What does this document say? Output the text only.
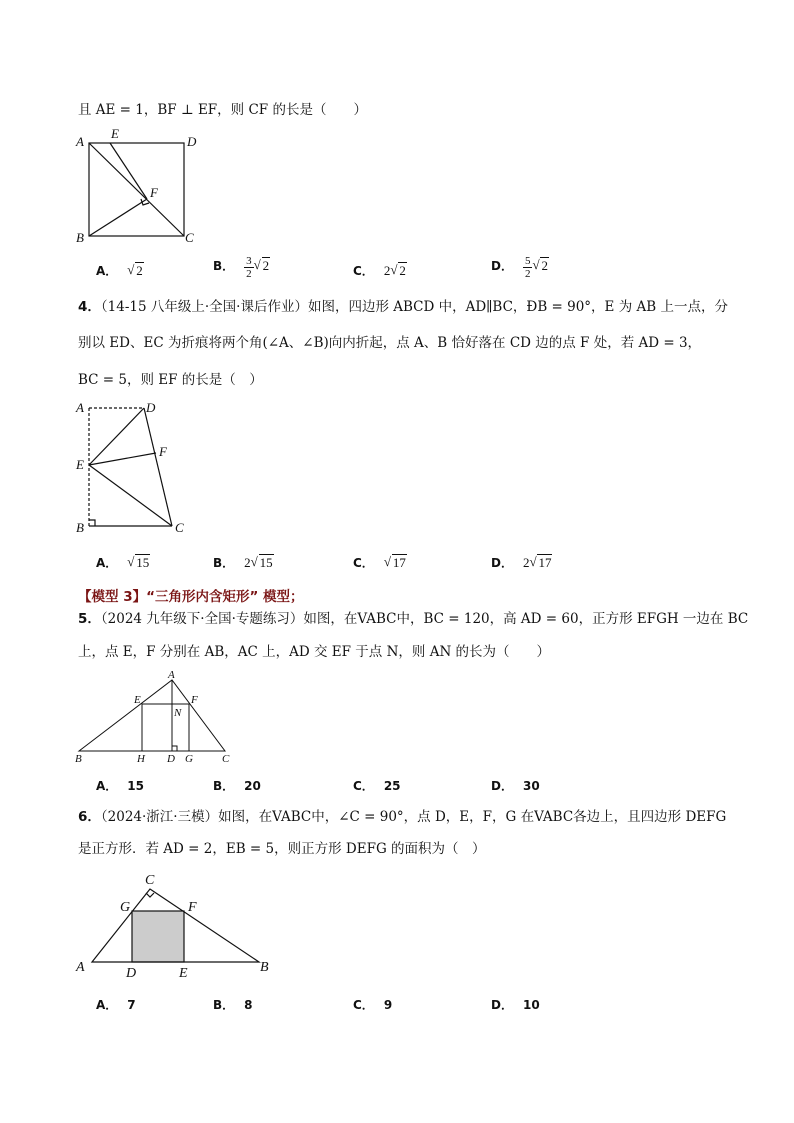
且 AE = 1，BF ⊥ EF，则 CF 的长是（　　）
A
E
D
F
B	C
A． √ 2	B． $\frac{3}{2}$ √ 2	C． 2 √ 2	D． $\frac{5}{2}$ √ 2
4．（14-15 八年级上·全国·课后作业）如图，四边形 ABCD 中，AD∥BC，ÐB = 90°，E 为 AB 上一点，分
别以 ED、EC 为折痕将两个角(∠A、∠B)向内折起，点 A、B 恰好落在 CD 边的点 F 处，若 AD = 3，
BC = 5，则 EF 的长是（　）
A	D
F
E
B	C
A． √ 15	B． 2 √ 15	C． √ 17	D． 2 √ 17
【模型 3】“三角形内含矩形” 模型；
5．（2024 九年级下·全国·专题练习）如图，在VABC中，BC = 120，高 AD = 60，正方形 EFGH 一边在 BC
上，点 E，F 分别在 AB，AC 上，AD 交 EF 于点 N，则 AN 的长为（　　）
A
E	F
N
B	H D G	C
A． 15	B． 20	C． 25	D． 30
6．（2024·浙江·三模）如图，在VABC中，∠C = 90°，点 D，E，F，G 在VABC各边上，且四边形 DEFG
是正方形．若 AD = 2，EB = 5，则正方形 DEFG 的面积为（　）
C
G	F
A	D	E	B
A． 7	B． 8	C． 9	D． 10
